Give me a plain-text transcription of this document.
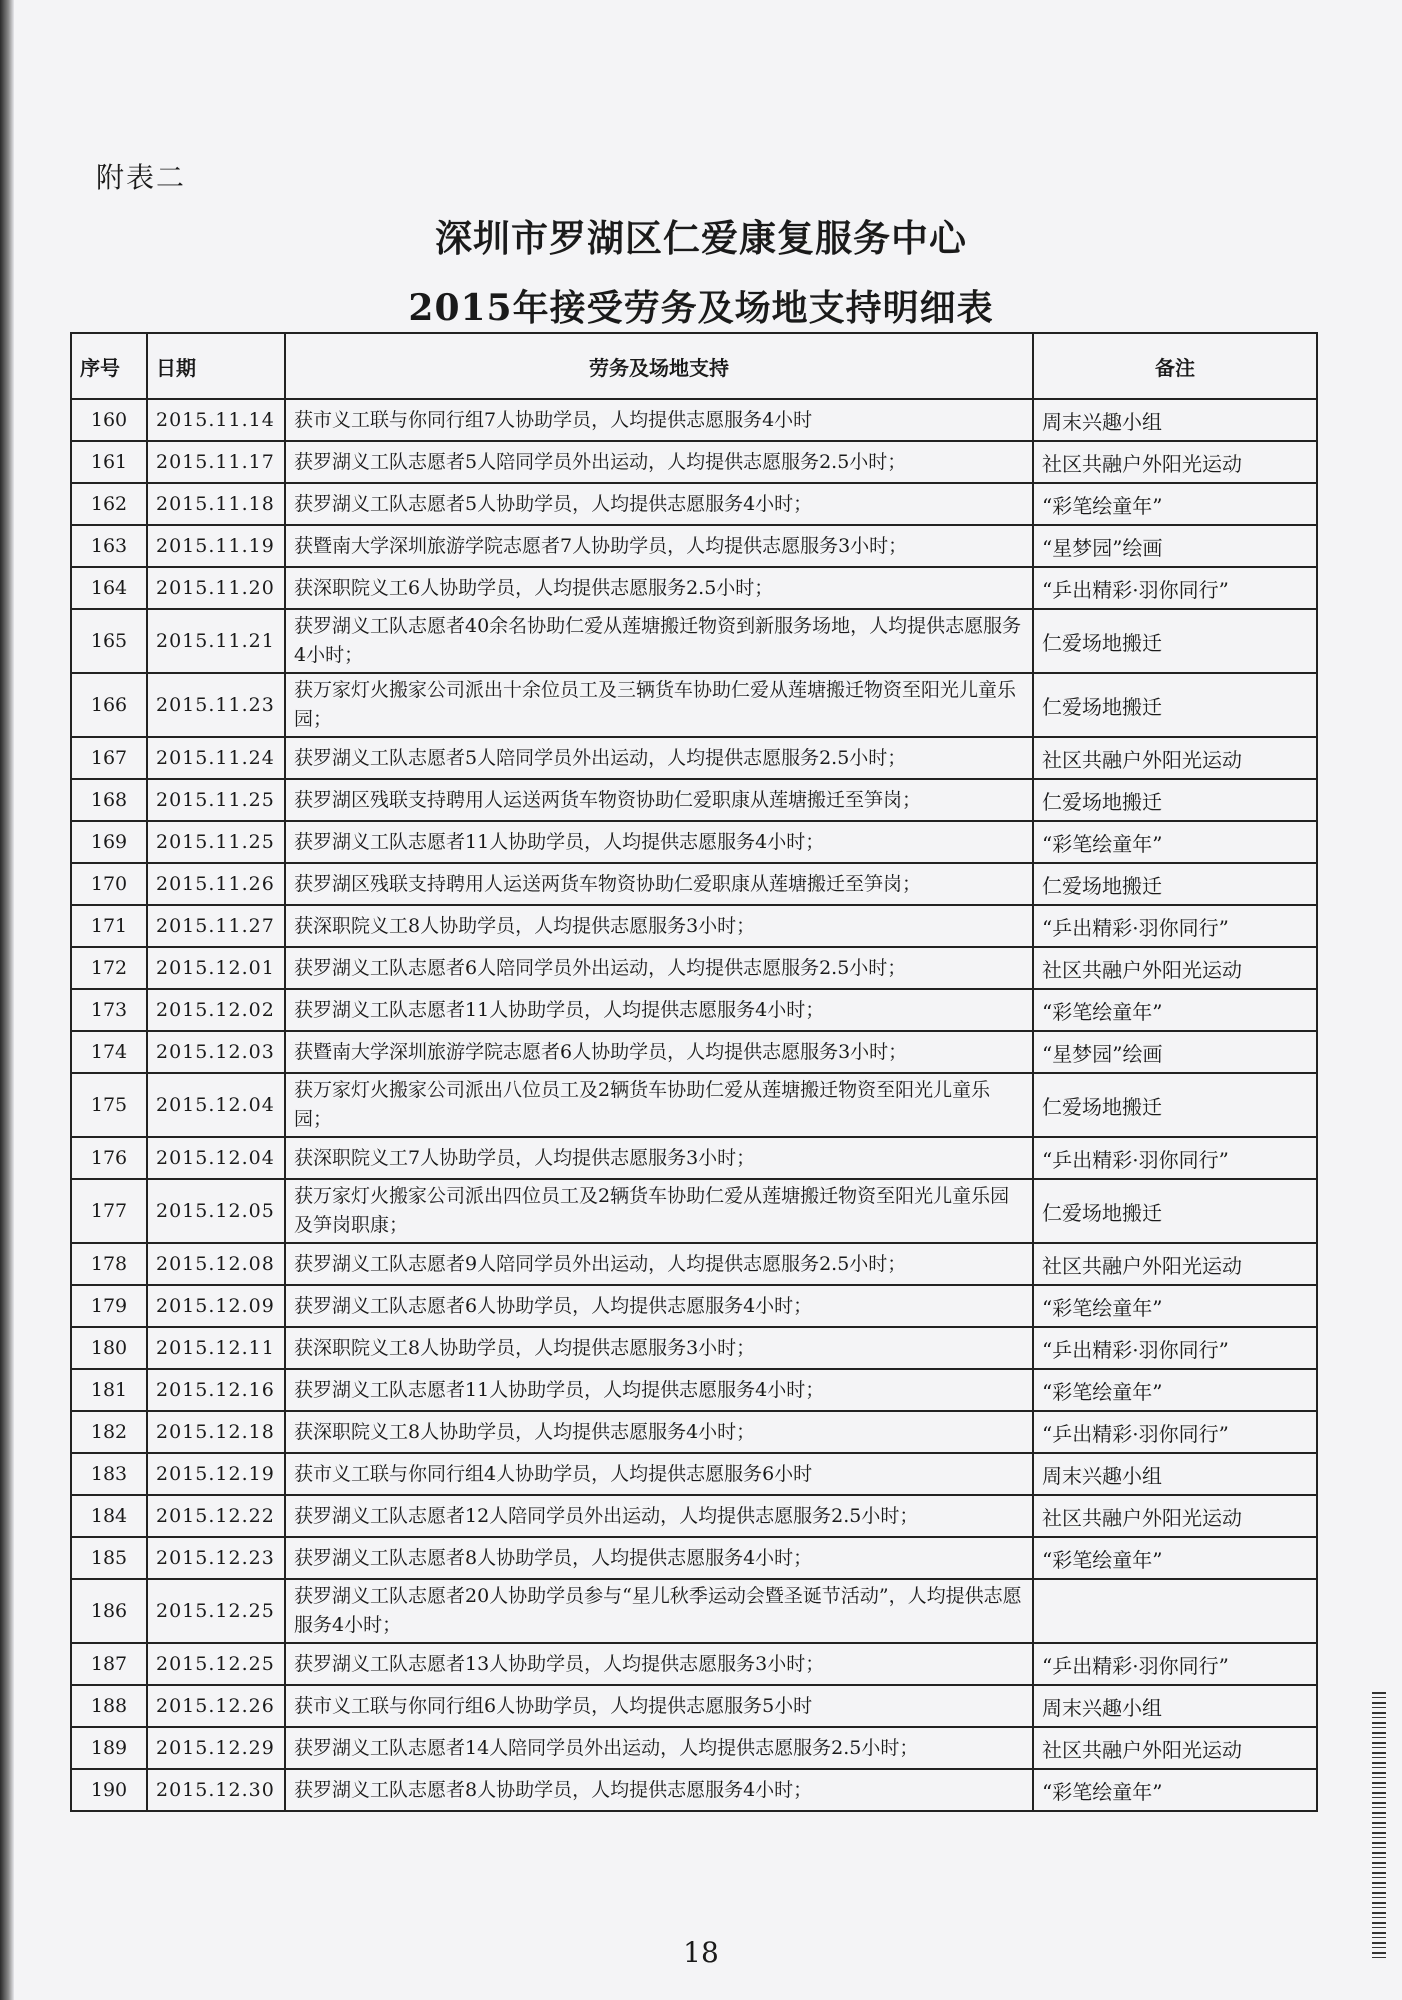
附表二
深圳市罗湖区仁爱康复服务中心
2015年接受劳务及场地支持明细表
序号	日期	劳务及场地支持	备注
160	2015.11.14	获市义工联与你同行组7人协助学员，人均提供志愿服务4小时	周末兴趣小组
161	2015.11.17	获罗湖义工队志愿者5人陪同学员外出运动，人均提供志愿服务2.5小时；	社区共融户外阳光运动
162	2015.11.18	获罗湖义工队志愿者5人协助学员，人均提供志愿服务4小时；	“彩笔绘童年”
163	2015.11.19	获暨南大学深圳旅游学院志愿者7人协助学员，人均提供志愿服务3小时；	“星梦园”绘画
164	2015.11.20	获深职院义工6人协助学员，人均提供志愿服务2.5小时；	“乒出精彩·羽你同行”
165	2015.11.21	获罗湖义工队志愿者40余名协助仁爱从莲塘搬迁物资到新服务场地，人均提供志愿服务4小时；	仁爱场地搬迁
166	2015.11.23	获万家灯火搬家公司派出十余位员工及三辆货车协助仁爱从莲塘搬迁物资至阳光儿童乐园；	仁爱场地搬迁
167	2015.11.24	获罗湖义工队志愿者5人陪同学员外出运动，人均提供志愿服务2.5小时；	社区共融户外阳光运动
168	2015.11.25	获罗湖区残联支持聘用人运送两货车物资协助仁爱职康从莲塘搬迁至笋岗；	仁爱场地搬迁
169	2015.11.25	获罗湖义工队志愿者11人协助学员，人均提供志愿服务4小时；	“彩笔绘童年”
170	2015.11.26	获罗湖区残联支持聘用人运送两货车物资协助仁爱职康从莲塘搬迁至笋岗；	仁爱场地搬迁
171	2015.11.27	获深职院义工8人协助学员，人均提供志愿服务3小时；	“乒出精彩·羽你同行”
172	2015.12.01	获罗湖义工队志愿者6人陪同学员外出运动，人均提供志愿服务2.5小时；	社区共融户外阳光运动
173	2015.12.02	获罗湖义工队志愿者11人协助学员，人均提供志愿服务4小时；	“彩笔绘童年”
174	2015.12.03	获暨南大学深圳旅游学院志愿者6人协助学员，人均提供志愿服务3小时；	“星梦园”绘画
175	2015.12.04	获万家灯火搬家公司派出八位员工及2辆货车协助仁爱从莲塘搬迁物资至阳光儿童乐园；	仁爱场地搬迁
176	2015.12.04	获深职院义工7人协助学员，人均提供志愿服务3小时；	“乒出精彩·羽你同行”
177	2015.12.05	获万家灯火搬家公司派出四位员工及2辆货车协助仁爱从莲塘搬迁物资至阳光儿童乐园及笋岗职康；	仁爱场地搬迁
178	2015.12.08	获罗湖义工队志愿者9人陪同学员外出运动，人均提供志愿服务2.5小时；	社区共融户外阳光运动
179	2015.12.09	获罗湖义工队志愿者6人协助学员，人均提供志愿服务4小时；	“彩笔绘童年”
180	2015.12.11	获深职院义工8人协助学员，人均提供志愿服务3小时；	“乒出精彩·羽你同行”
181	2015.12.16	获罗湖义工队志愿者11人协助学员，人均提供志愿服务4小时；	“彩笔绘童年”
182	2015.12.18	获深职院义工8人协助学员，人均提供志愿服务4小时；	“乒出精彩·羽你同行”
183	2015.12.19	获市义工联与你同行组4人协助学员，人均提供志愿服务6小时	周末兴趣小组
184	2015.12.22	获罗湖义工队志愿者12人陪同学员外出运动，人均提供志愿服务2.5小时；	社区共融户外阳光运动
185	2015.12.23	获罗湖义工队志愿者8人协助学员，人均提供志愿服务4小时；	“彩笔绘童年”
186	2015.12.25	获罗湖义工队志愿者20人协助学员参与“星儿秋季运动会暨圣诞节活动”，人均提供志愿服务4小时；	
187	2015.12.25	获罗湖义工队志愿者13人协助学员，人均提供志愿服务3小时；	“乒出精彩·羽你同行”
188	2015.12.26	获市义工联与你同行组6人协助学员，人均提供志愿服务5小时	周末兴趣小组
189	2015.12.29	获罗湖义工队志愿者14人陪同学员外出运动，人均提供志愿服务2.5小时；	社区共融户外阳光运动
190	2015.12.30	获罗湖义工队志愿者8人协助学员，人均提供志愿服务4小时；	“彩笔绘童年”
18
